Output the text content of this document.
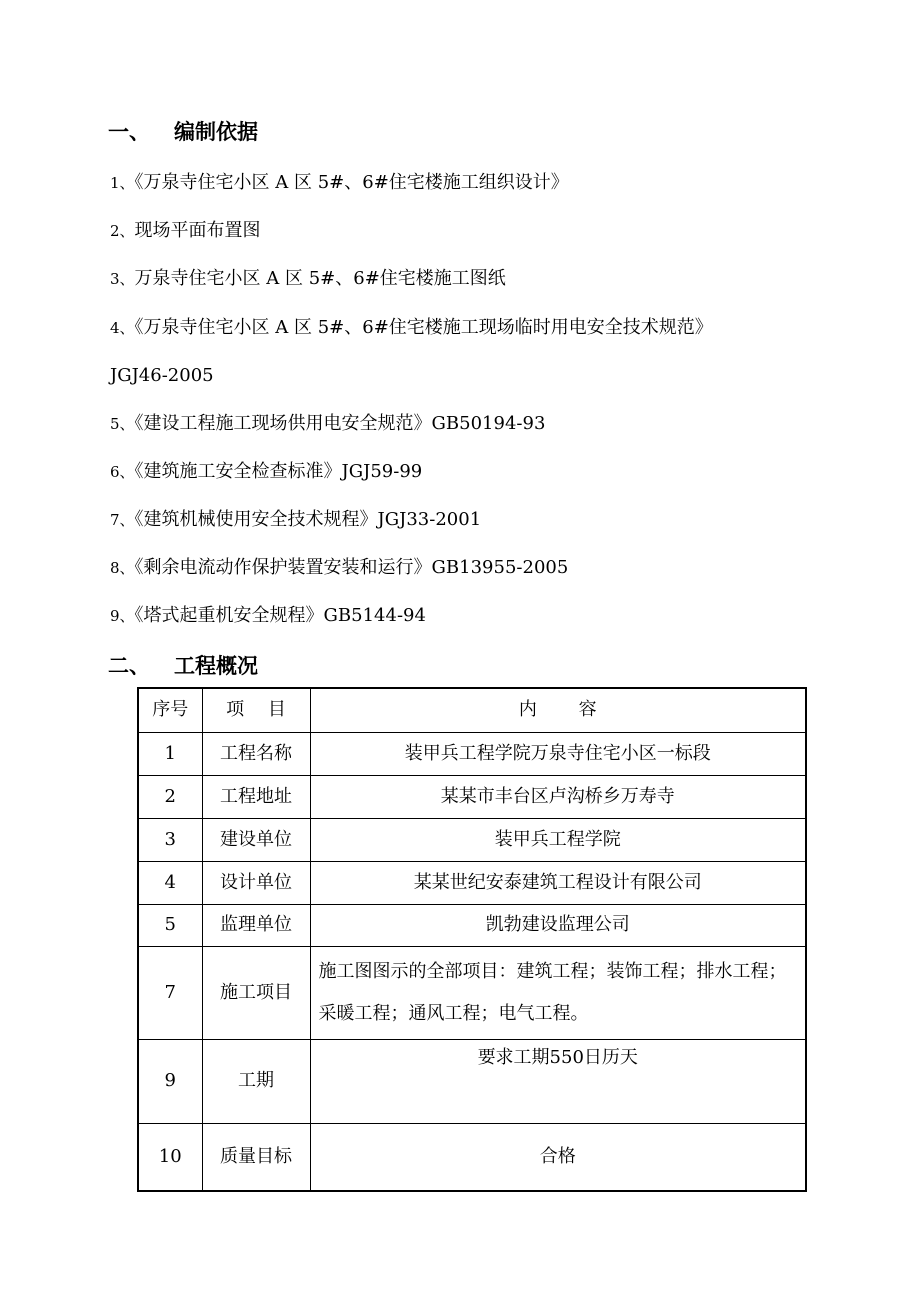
一、 编制依据
1、《万泉寺住宅小区 A 区 5#、6#住宅楼施工组织设计》
2、现场平面布置图
3、万泉寺住宅小区 A 区 5#、6#住宅楼施工图纸
4、《万泉寺住宅小区 A 区 5#、6#住宅楼施工现场临时用电安全技术规范》
JGJ46-2005
5、《建设工程施工现场供用电安全规范》GB50194-93
6、《建筑施工安全检查标准》JGJ59-99
7、《建筑机械使用安全技术规程》JGJ33-2001
8、《剩余电流动作保护装置安装和运行》GB13955-2005
9、《塔式起重机安全规程》GB5144-94
二、 工程概况
序号	项　 目	内　　 容
1	工程名称	装甲兵工程学院万泉寺住宅小区一标段
2	工程地址	某某市丰台区卢沟桥乡万寿寺
3	建设单位	装甲兵工程学院
4	设计单位	某某世纪安泰建筑工程设计有限公司
5	监理单位	凯勃建设监理公司
7	施工项目	施工图图示的全部项目：建筑工程；装饰工程；排水工程；采暖工程；通风工程；电气工程。
9	工期	要求工期550日历天
10	质量目标	合格
